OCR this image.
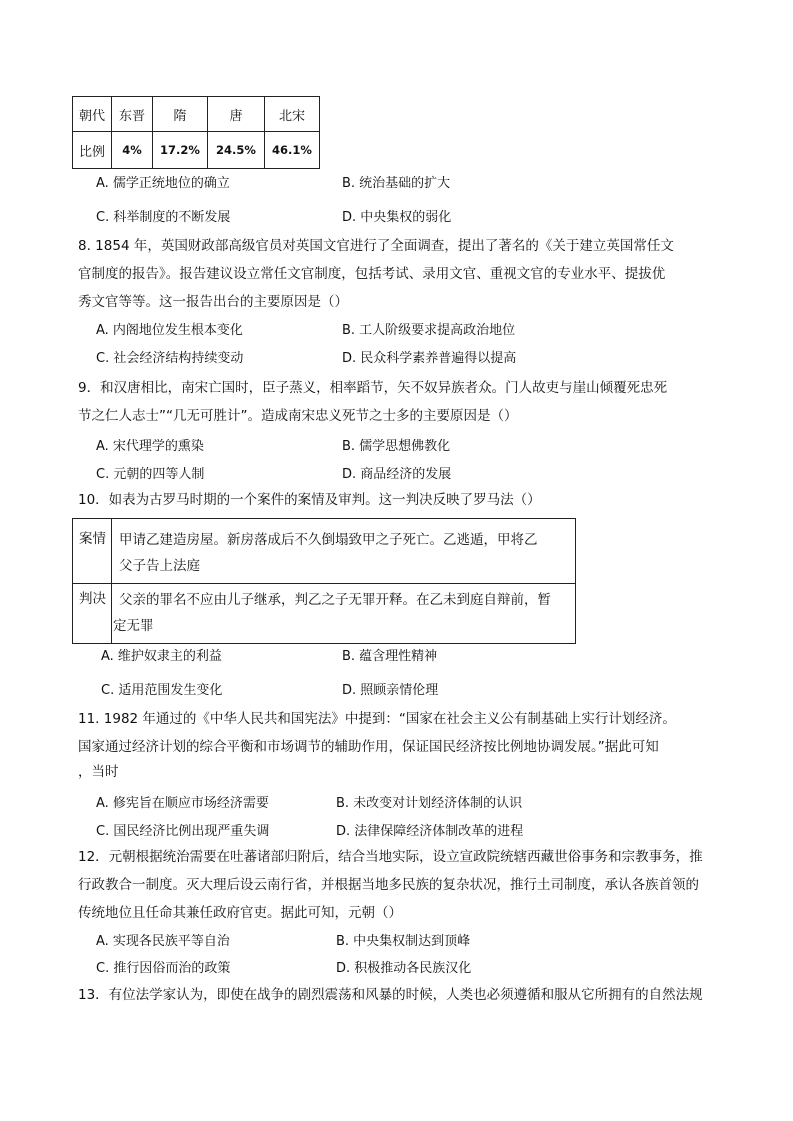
朝代	东晋	隋	唐	北宋
比例	4%	17.2%	24.5%	46.1%
A. 儒学正统地位的确立	B. 统治基础的扩大
C. 科举制度的不断发展	D. 中央集权的弱化
8. 1854 年，英国财政部高级官员对英国文官进行了全面调查，提出了著名的《关于建立英国常任文
官制度的报告》。报告建议设立常任文官制度，包括考试、录用文官、重视文官的专业水平、提拔优
秀文官等等。这一报告出台的主要原因是（）
A. 内阁地位发生根本变化	B. 工人阶级要求提高政治地位
C. 社会经济结构持续变动	D. 民众科学素养普遍得以提高
9．和汉唐相比，南宋亡国时，臣子蒸义，相率蹈节，矢不奴异族者众。门人故吏与崖山倾覆死忠死
节之仁人志士”“几无可胜计”。造成南宋忠义死节之士多的主要原因是（）
A. 宋代理学的熏染	B. 儒学思想佛教化
C. 元朝的四等人制	D. 商品经济的发展
10．如表为古罗马时期的一个案件的案情及审判。这一判决反映了罗马法（）
案情 甲请乙建造房屋。新房落成后不久倒塌致甲之子死亡。乙逃遁，甲将乙
父子告上法庭
判决 父亲的罪名不应由儿子继承，判乙之子无罪开释。在乙未到庭自辩前，暂
定无罪
A. 维护奴隶主的利益	B. 蕴含理性精神
C. 适用范围发生变化	D. 照顾亲情伦理
11. 1982 年通过的《中华人民共和国宪法》中提到：“国家在社会主义公有制基础上实行计划经济。
国家通过经济计划的综合平衡和市场调节的辅助作用，保证国民经济按比例地协调发展。”据此可知
，当时
A. 修宪旨在顺应市场经济需要	B. 未改变对计划经济体制的认识
C. 国民经济比例出现严重失调	D. 法律保障经济体制改革的进程
12．元朝根据统治需要在吐蕃诸部归附后，结合当地实际，设立宣政院统辖西藏世俗事务和宗教事务，推
行政教合一制度。灭大理后设云南行省，并根据当地多民族的复杂状况，推行土司制度，承认各族首领的
传统地位且任命其兼任政府官吏。据此可知，元朝（）
A. 实现各民族平等自治	B. 中央集权制达到顶峰
C. 推行因俗而治的政策	D. 积极推动各民族汉化
13．有位法学家认为，即使在战争的剧烈震荡和风暴的时候，人类也必须遵循和服从它所拥有的自然法规
